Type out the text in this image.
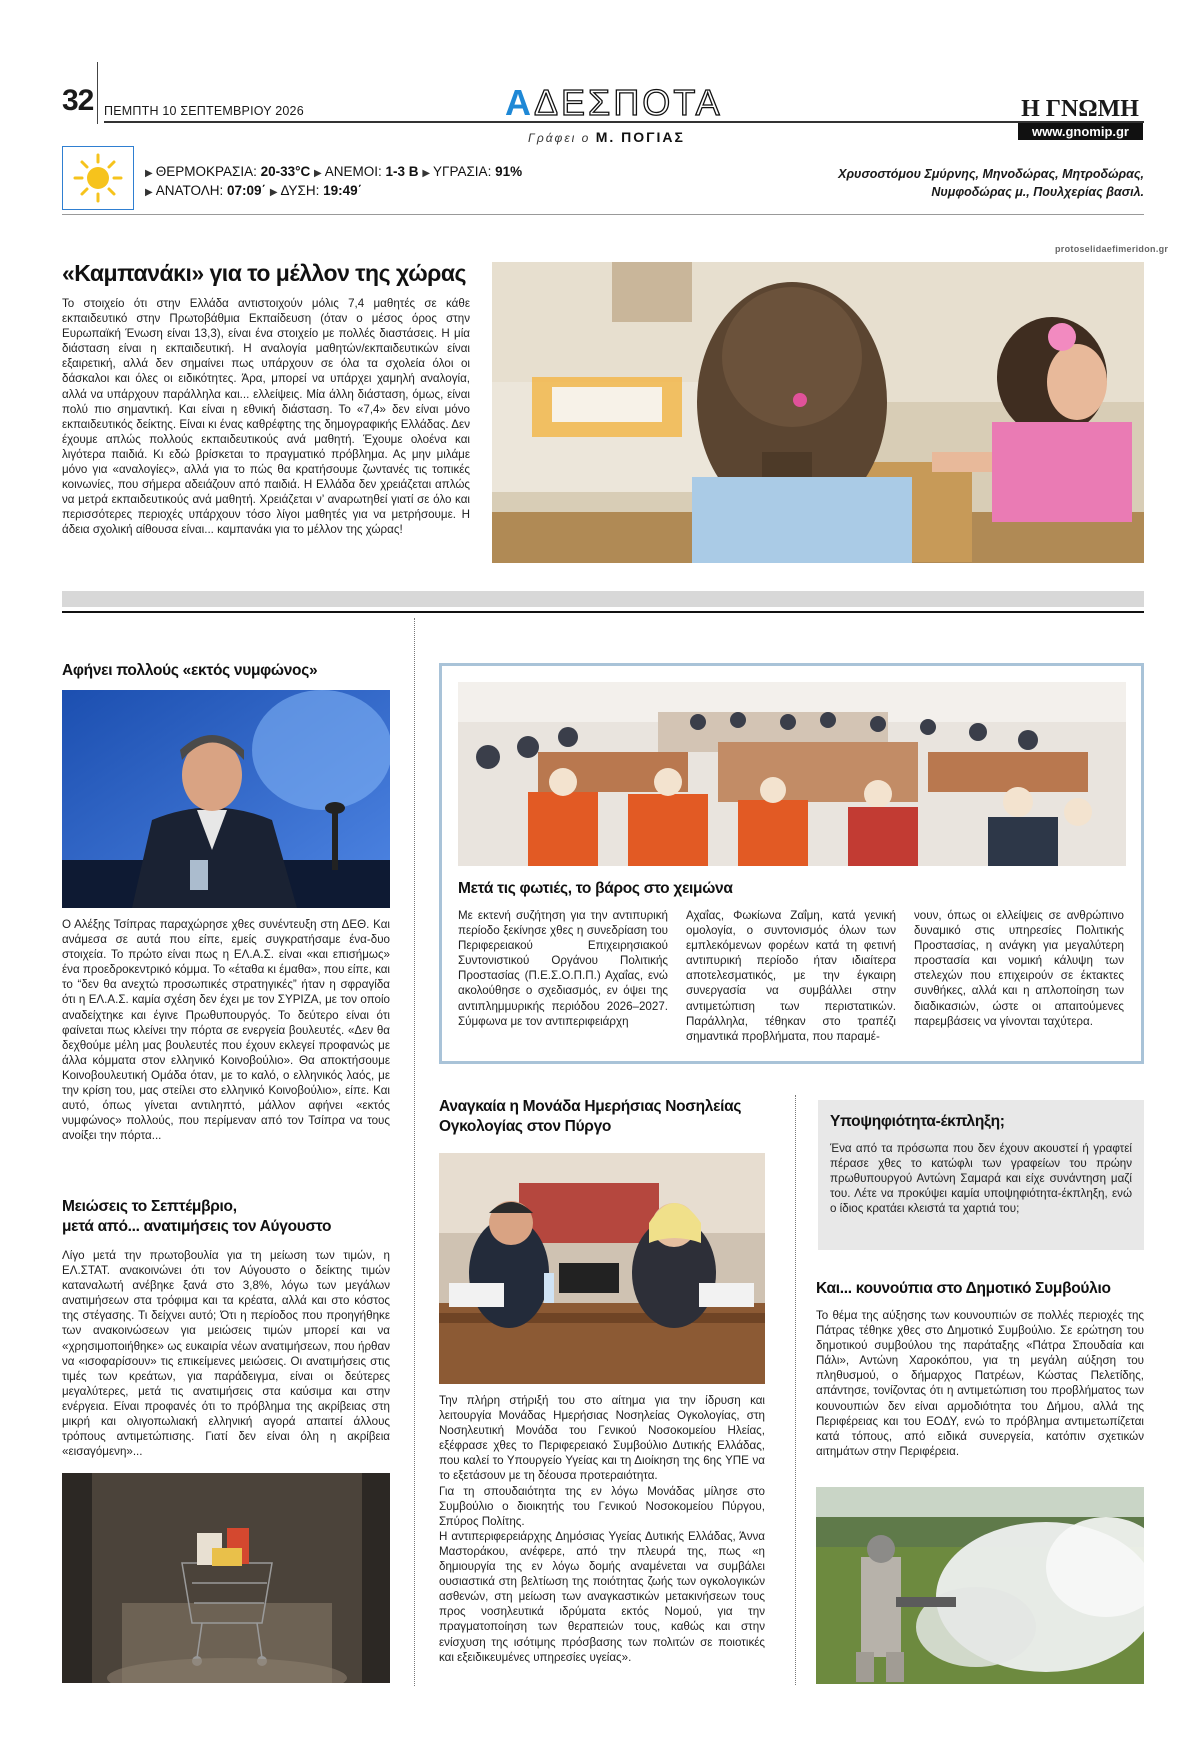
32 ΠΕΜΠΤΗ 10 ΣΕΠΤΕΜΒΡΙΟΥ 2026	ΑΔΕΣΠΟΤΑ
Γράφει ο Μ. ΠΟΓΙΑΣ
Η ΓΝΩΜΗ
www.gnomip.gr
▶ ΘΕΡΜΟΚΡΑΣΙΑ: 20-33°C ▶ ΑΝΕΜΟΙ: 1-3 Β ▶ ΥΓΡΑΣΙΑ: 91%
▶ ΑΝΑΤΟΛΗ: 07:09΄ ▶ ΔΥΣΗ: 19:49΄
Χρυσοστόμου Σμύρνης, Μηνοδώρας, Μητροδώρας,
Νυμφοδώρας μ., Πουλχερίας βασιλ.
protoselidaefimeridon.gr
«Καμπανάκι» για το μέλλον της χώρας
Το στοιχείο ότι στην Ελλάδα αντιστοιχούν μόλις 7,4 μαθητές σε κάθε εκπαιδευτικό στην Πρωτοβάθμια Εκπαίδευση (όταν ο μέσος όρος στην Ευρωπαϊκή Ένωση είναι 13,3), είναι ένα στοιχείο με πολλές διαστάσεις. Η μία διάσταση είναι η εκπαιδευτική. Η αναλογία μαθητών/εκπαιδευτικών είναι εξαιρετική, αλλά δεν σημαίνει πως υπάρχουν σε όλα τα σχολεία όλοι οι δάσκαλοι και όλες οι ειδικότητες. Άρα, μπορεί να υπάρχει χαμηλή αναλογία, αλλά να υπάρχουν παράλληλα και... ελλείψεις. Μία άλλη διάσταση, όμως, είναι πολύ πιο σημαντική. Και είναι η εθνική διάσταση. Το «7,4» δεν είναι μόνο εκπαιδευτικός δείκτης. Είναι κι ένας καθρέφτης της δημογραφικής Ελλάδας. Δεν έχουμε απλώς πολλούς εκπαιδευτικούς ανά μαθητή. Έχουμε ολοένα και λιγότερα παιδιά. Κι εδώ βρίσκεται το πραγματικό πρόβλημα. Ας μην μιλάμε μόνο για «αναλογίες», αλλά για το πώς θα κρατήσουμε ζωντανές τις τοπικές κοινωνίες, που σήμερα αδειάζουν από παιδιά. Η Ελλάδα δεν χρειάζεται απλώς να μετρά εκπαιδευτικούς ανά μαθητή. Χρειάζεται ν’ αναρωτηθεί γιατί σε όλο και περισσότερες περιοχές υπάρχουν τόσο λίγοι μαθητές για να μετρήσουμε. Η άδεια σχολική αίθουσα είναι... καμπανάκι για το μέλλον της χώρας!
Αφήνει πολλούς «εκτός νυμφώνος»
Ο Αλέξης Τσίπρας παραχώρησε χθες συνέντευξη στη ΔΕΘ. Και ανάμεσα σε αυτά που είπε, εμείς συγκρατήσαμε ένα-δυο στοιχεία. Το πρώτο είναι πως η ΕΛ.Α.Σ. είναι «και επισήμως» ένα προεδροκεντρικό κόμμα. Το «έταθα κι έμαθα», που είπε, και το “δεν θα ανεχτώ προσωπικές στρατηγικές” ήταν η σφραγίδα ότι η ΕΛ.Α.Σ. καμία σχέση δεν έχει με τον ΣΥΡΙΖΑ, με τον οποίο αναδείχτηκε και έγινε Πρωθυπουργός. Το δεύτερο είναι ότι φαίνεται πως κλείνει την πόρτα σε ενεργεία βουλευτές. «Δεν θα δεχθούμε μέλη μας βουλευτές που έχουν εκλεγεί προφανώς με άλλα κόμματα στον ελληνικό Κοινοβούλιο». Θα αποκτήσουμε Κοινοβουλευτική Ομάδα όταν, με το καλό, ο ελληνικός λαός, με την κρίση του, μας στείλει στο ελληνικό Κοινοβούλιο», είπε. Και αυτό, όπως γίνεται αντιληπτό, μάλλον αφήνει «εκτός νυμφώνος» πολλούς, που περίμεναν από τον Τσίπρα να τους ανοίξει την πόρτα...
Μειώσεις το Σεπτέμβριο,
μετά από... ανατιμήσεις τον Αύγουστο
Λίγο μετά την πρωτοβουλία για τη μείωση των τιμών, η ΕΛ.ΣΤΑΤ. ανακοινώνει ότι τον Αύγουστο ο δείκτης τιμών καταναλωτή ανέβηκε ξανά στο 3,8%, λόγω των μεγάλων ανατιμήσεων στα τρόφιμα και τα κρέατα, αλλά και στο κόστος της στέγασης. Τι δείχνει αυτό; Ότι η περίοδος που προηγήθηκε των ανακοινώσεων για μειώσεις τιμών μπορεί και να «χρησιμοποιήθηκε» ως ευκαιρία νέων ανατιμήσεων, που ήρθαν να «ισοφαρίσουν» τις επικείμενες μειώσεις. Οι ανατιμήσεις στις τιμές των κρεάτων, για παράδειγμα, είναι οι δεύτερες μεγαλύτερες, μετά τις ανατιμήσεις στα καύσιμα και στην ενέργεια. Είναι προφανές ότι το πρόβλημα της ακρίβειας στη μικρή και ολιγοπωλιακή ελληνική αγορά απαιτεί άλλους τρόπους αντιμετώπισης. Γιατί δεν είναι όλη η ακρίβεια «εισαγόμενη»...
Μετά τις φωτιές, το βάρος στο χειμώνα
Με εκτενή συζήτηση για την αντιπυρική περίοδο ξεκίνησε χθες η συνεδρίαση του Περιφερειακού Επιχειρησιακού Συντονιστικού Οργάνου Πολιτικής Προστασίας (Π.Ε.Σ.Ο.Π.Π.) Αχαΐας, ενώ ακολούθησε ο σχεδιασμός, εν όψει της αντιπλημμυρικής περιόδου 2026–2027. Σύμφωνα με τον αντιπεριφειάρχη
Αχαΐας, Φωκίωνα Ζαΐμη, κατά γενική ομολογία, ο συντονισμός όλων των εμπλεκόμενων φορέων κατά τη φετινή αντιπυρική περίοδο ήταν ιδιαίτερα αποτελεσματικός, με την έγκαιρη συνεργασία να συμβάλλει στην αντιμετώπιση των περιστατικών. Παράλληλα, τέθηκαν στο τραπέζι σημαντικά προβλήματα, που παραμέ-
νουν, όπως οι ελλείψεις σε ανθρώπινο δυναμικό στις υπηρεσίες Πολιτικής Προστασίας, η ανάγκη για μεγαλύτερη προστασία και νομική κάλυψη των στελεχών που επιχειρούν σε έκτακτες συνθήκες, αλλά και η απλοποίηση των διαδικασιών, ώστε οι απαιτούμενες παρεμβάσεις να γίνονται ταχύτερα.
Αναγκαία η Μονάδα Ημερήσιας Νοσηλείας
Ογκολογίας στον Πύργο

Την πλήρη στήριξή του στο αίτημα για την ίδρυση και λειτουργία Μονάδας Ημερήσιας Νοσηλείας Ογκολογίας, στη Νοσηλευτική Μονάδα του Γενικού Νοσοκομείου Ηλείας, εξέφρασε χθες το Περιφερειακό Συμβούλιο Δυτικής Ελλάδας, που καλεί το Υπουργείο Υγείας και τη Διοίκηση της 6ης ΥΠΕ να το εξετάσουν με τη δέουσα προτεραιότητα.

Για τη σπουδαιότητα της εν λόγω Μονάδας μίλησε στο Συμβούλιο ο διοικητής του Γενικού Νοσοκομείου Πύργου, Σπύρος Πολίτης.

Η αντιπεριφερειάρχης Δημόσιας Υγείας Δυτικής Ελλάδας, Άννα Μαστοράκου, ανέφερε, από την πλευρά της, πως «η δημιουργία της εν λόγω δομής αναμένεται να συμβάλει ουσιαστικά στη βελτίωση της ποιότητας ζωής των ογκολογικών ασθενών, στη μείωση των αναγκαστικών μετακινήσεων τους προς νοσηλευτικά ιδρύματα εκτός Νομού, για την πραγματοποίηση των θεραπειών τους, καθώς και στην ενίσχυση της ισότιμης πρόσβασης των πολιτών σε ποιοτικές και εξειδικευμένες υπηρεσίες υγείας».

Υποψηφιότητα-έκπληξη;
Ένα από τα πρόσωπα που δεν έχουν ακουστεί ή γραφτεί πέρασε χθες το κατώφλι των γραφείων του πρώην πρωθυπουργού Αντώνη Σαμαρά και είχε συνάντηση μαζί του. Λέτε να προκύψει καμία υποψηφιότητα-έκπληξη, ενώ ο ίδιος κρατάει κλειστά τα χαρτιά του;
Και... κουνούπια στο Δημοτικό Συμβούλιο
Το θέμα της αύξησης των κουνουπιών σε πολλές περιοχές της Πάτρας τέθηκε χθες στο Δημοτικό Συμβούλιο. Σε ερώτηση του δημοτικού συμβούλου της παράταξης «Πάτρα Σπουδαία και Πάλι», Αντώνη Χαροκόπου, για τη μεγάλη αύξηση του πληθυσμού, ο δήμαρχος Πατρέων, Κώστας Πελετίδης, απάντησε, τονίζοντας ότι η αντιμετώπιση του προβλήματος των κουνουπιών δεν είναι αρμοδιότητα του Δήμου, αλλά της Περιφέρειας και του ΕΟΔΥ, ενώ το πρόβλημα αντιμετωπίζεται κατά τόπους, από ειδικά συνεργεία, κατόπιν σχετικών αιτημάτων στην Περιφέρεια.
